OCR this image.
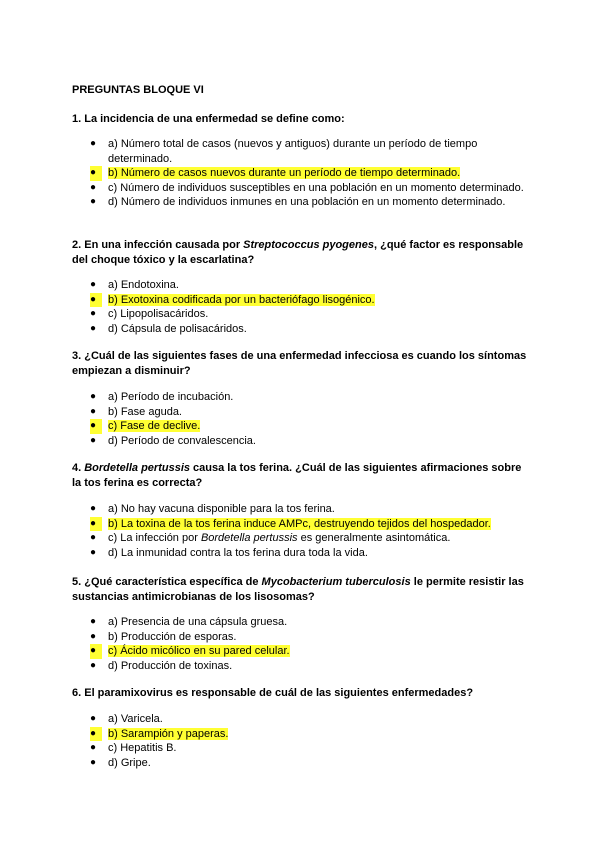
PREGUNTAS BLOQUE VI
1. La incidencia de una enfermedad se define como:
● a) Número total de casos (nuevos y antiguos) durante un período de tiempo determinado.
●	b) Número de casos nuevos durante un período de tiempo determinado.
● c) Número de individuos susceptibles en una población en un momento determinado.
● d) Número de individuos inmunes en una población en un momento determinado.
2. En una infección causada por Streptococcus pyogenes, ¿qué factor es responsable del choque tóxico y la escarlatina?
● a) Endotoxina.
●	b) Exotoxina codificada por un bacteriófago lisogénico.
● c) Lipopolisacáridos.
● d) Cápsula de polisacáridos.
3. ¿Cuál de las siguientes fases de una enfermedad infecciosa es cuando los síntomas empiezan a disminuir?
● a) Período de incubación.
● b) Fase aguda.
●	c) Fase de declive.
● d) Período de convalescencia.
4. Bordetella pertussis causa la tos ferina. ¿Cuál de las siguientes afirmaciones sobre la tos ferina es correcta?
● a) No hay vacuna disponible para la tos ferina.
●	b) La toxina de la tos ferina induce AMPc, destruyendo tejidos del hospedador.
● c) La infección por Bordetella pertussis es generalmente asintomática.
● d) La inmunidad contra la tos ferina dura toda la vida.
5. ¿Qué característica específica de Mycobacterium tuberculosis le permite resistir las sustancias antimicrobianas de los lisosomas?
● a) Presencia de una cápsula gruesa.
● b) Producción de esporas.
●	c) Ácido micólico en su pared celular.
● d) Producción de toxinas.
6. El paramixovirus es responsable de cuál de las siguientes enfermedades?
● a) Varicela.
●	b) Sarampión y paperas.
● c) Hepatitis B.
● d) Gripe.
